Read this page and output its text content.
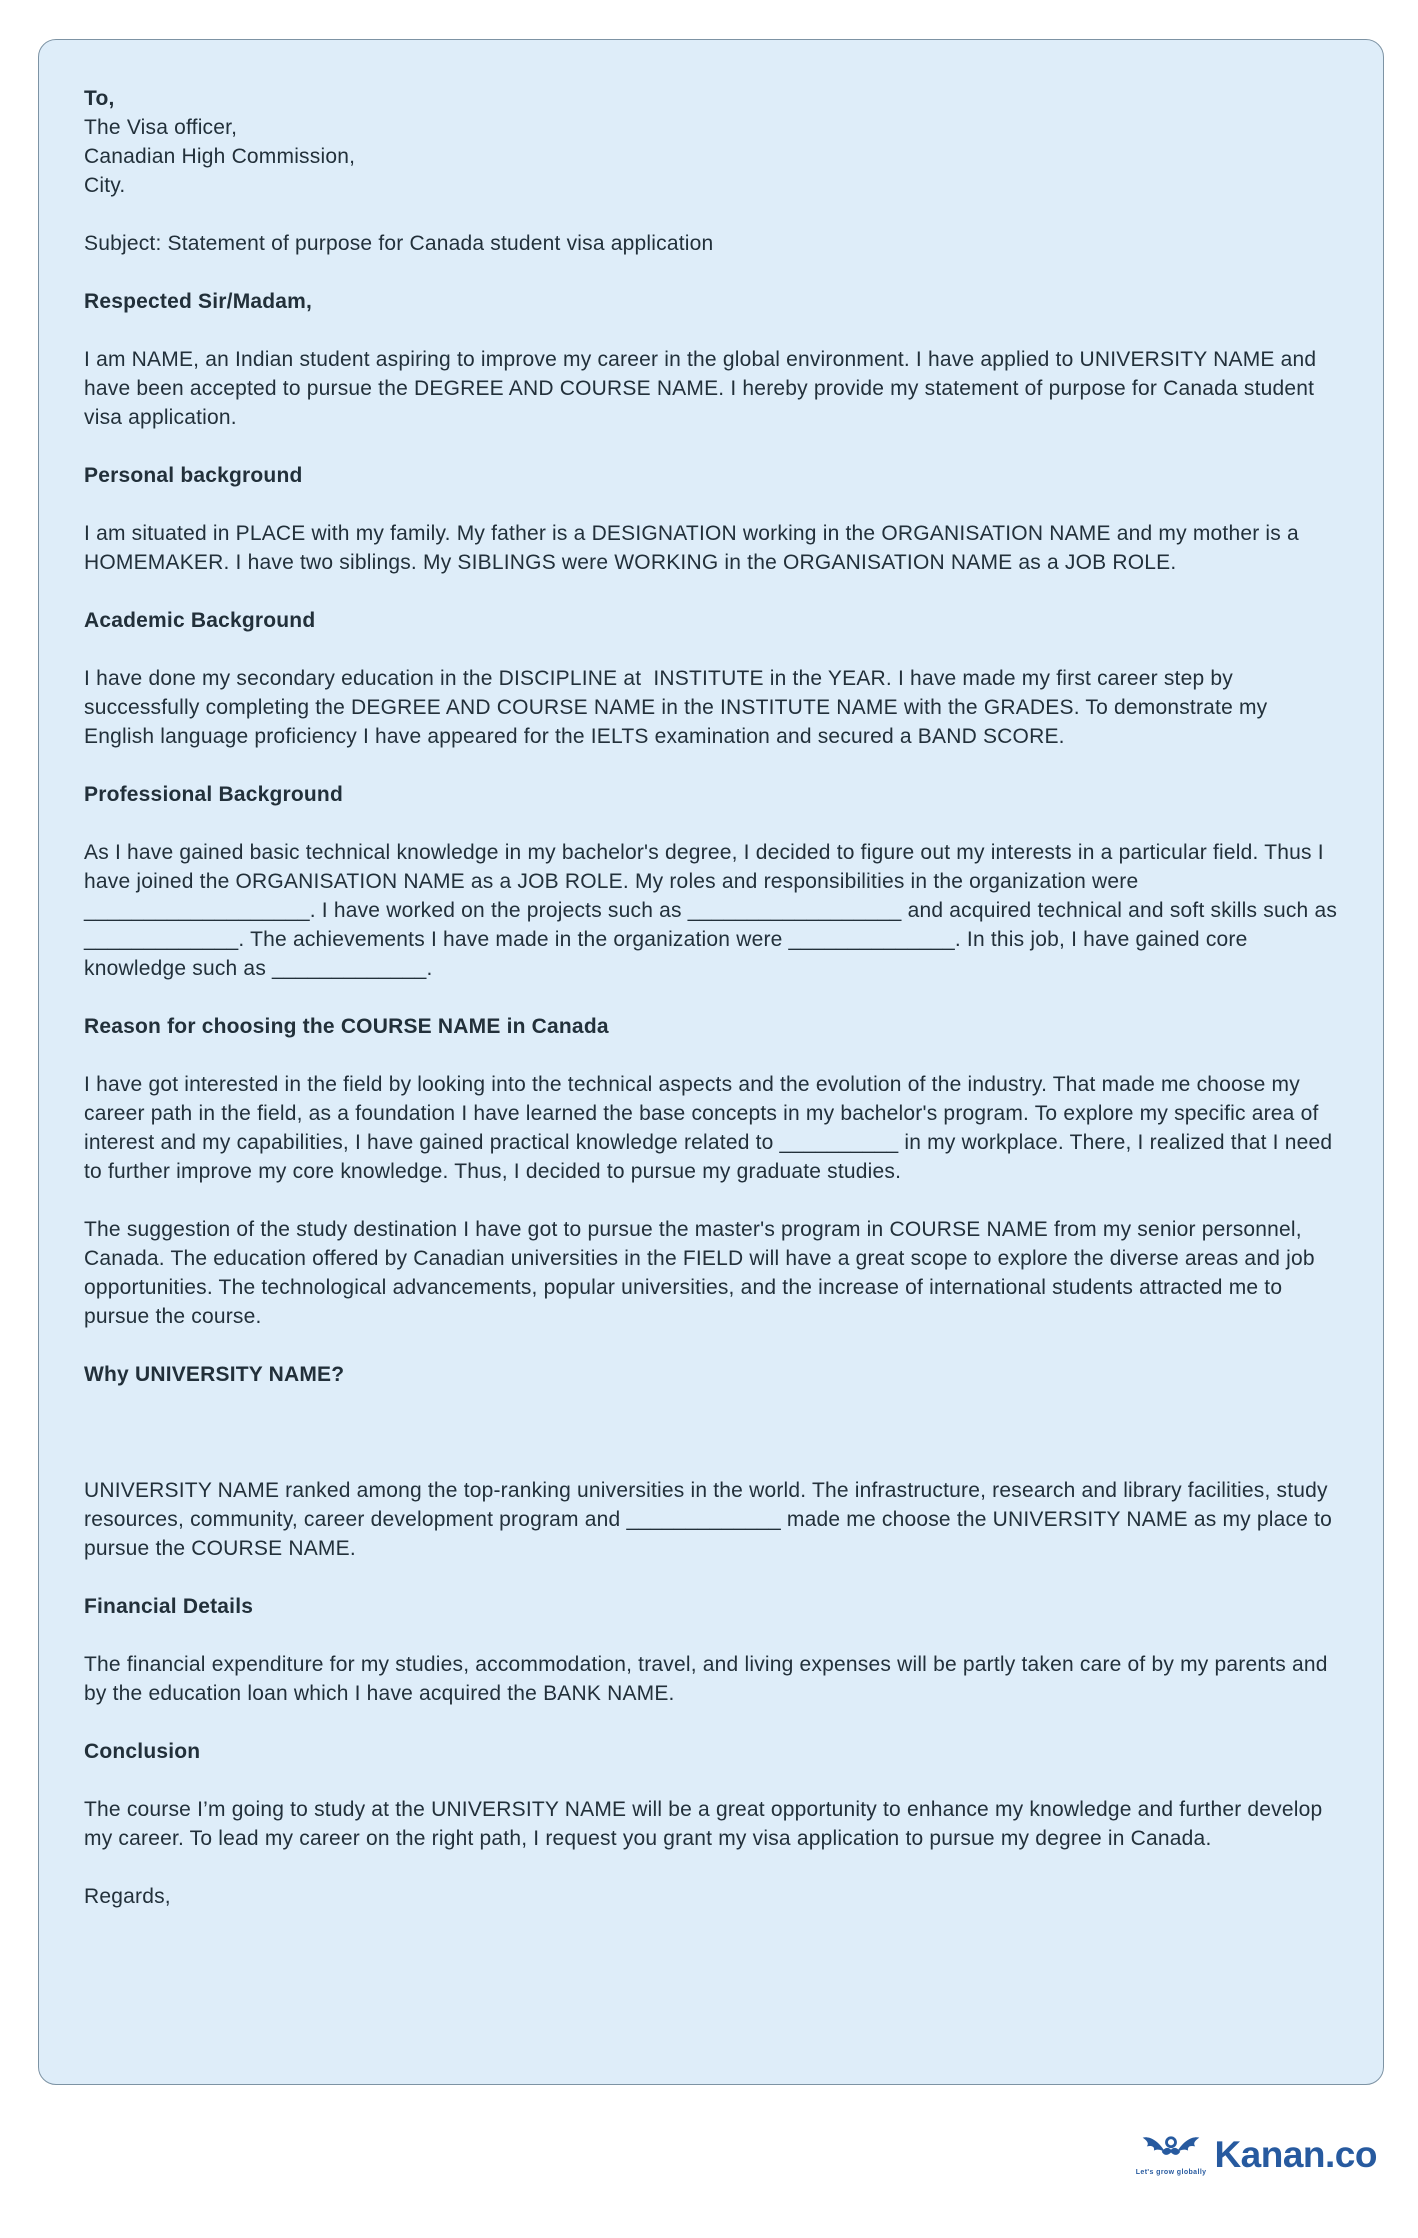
To,
The Visa officer,
Canadian High Commission,
City.

Subject: Statement of purpose for Canada student visa application

Respected Sir/Madam,

I am NAME, an Indian student aspiring to improve my career in the global environment. I have applied to UNIVERSITY NAME and have been accepted to pursue the DEGREE AND COURSE NAME. I hereby provide my statement of purpose for Canada student visa application.

Personal background

I am situated in PLACE with my family. My father is a DESIGNATION working in the ORGANISATION NAME and my mother is a HOMEMAKER. I have two siblings. My SIBLINGS were WORKING in the ORGANISATION NAME as a JOB ROLE.

Academic Background

I have done my secondary education in the DISCIPLINE at  INSTITUTE in the YEAR. I have made my first career step by successfully completing the DEGREE AND COURSE NAME in the INSTITUTE NAME with the GRADES. To demonstrate my English language proficiency I have appeared for the IELTS examination and secured a BAND SCORE.

Professional Background

As I have gained basic technical knowledge in my bachelor's degree, I decided to figure out my interests in a particular field. Thus I have joined the ORGANISATION NAME as a JOB ROLE. My roles and responsibilities in the organization were ___________________. I have worked on the projects such as __________________ and acquired technical and soft skills such as _____________. The achievements I have made in the organization were ______________. In this job, I have gained core knowledge such as _____________.

Reason for choosing the COURSE NAME in Canada

I have got interested in the field by looking into the technical aspects and the evolution of the industry. That made me choose my career path in the field, as a foundation I have learned the base concepts in my bachelor's program. To explore my specific area of interest and my capabilities, I have gained practical knowledge related to __________ in my workplace. There, I realized that I need to further improve my core knowledge. Thus, I decided to pursue my graduate studies.

The suggestion of the study destination I have got to pursue the master's program in COURSE NAME from my senior personnel, Canada. The education offered by Canadian universities in the FIELD will have a great scope to explore the diverse areas and job opportunities. The technological advancements, popular universities, and the increase of international students attracted me to pursue the course.

Why UNIVERSITY NAME?

UNIVERSITY NAME ranked among the top-ranking universities in the world. The infrastructure, research and library facilities, study resources, community, career development program and _____________ made me choose the UNIVERSITY NAME as my place to pursue the COURSE NAME.

Financial Details

The financial expenditure for my studies, accommodation, travel, and living expenses will be partly taken care of by my parents and by the education loan which I have acquired the BANK NAME.

Conclusion

The course I’m going to study at the UNIVERSITY NAME will be a great opportunity to enhance my knowledge and further develop my career. To lead my career on the right path, I request you grant my visa application to pursue my degree in Canada.

Regards,

Let's grow globally Kanan.co
